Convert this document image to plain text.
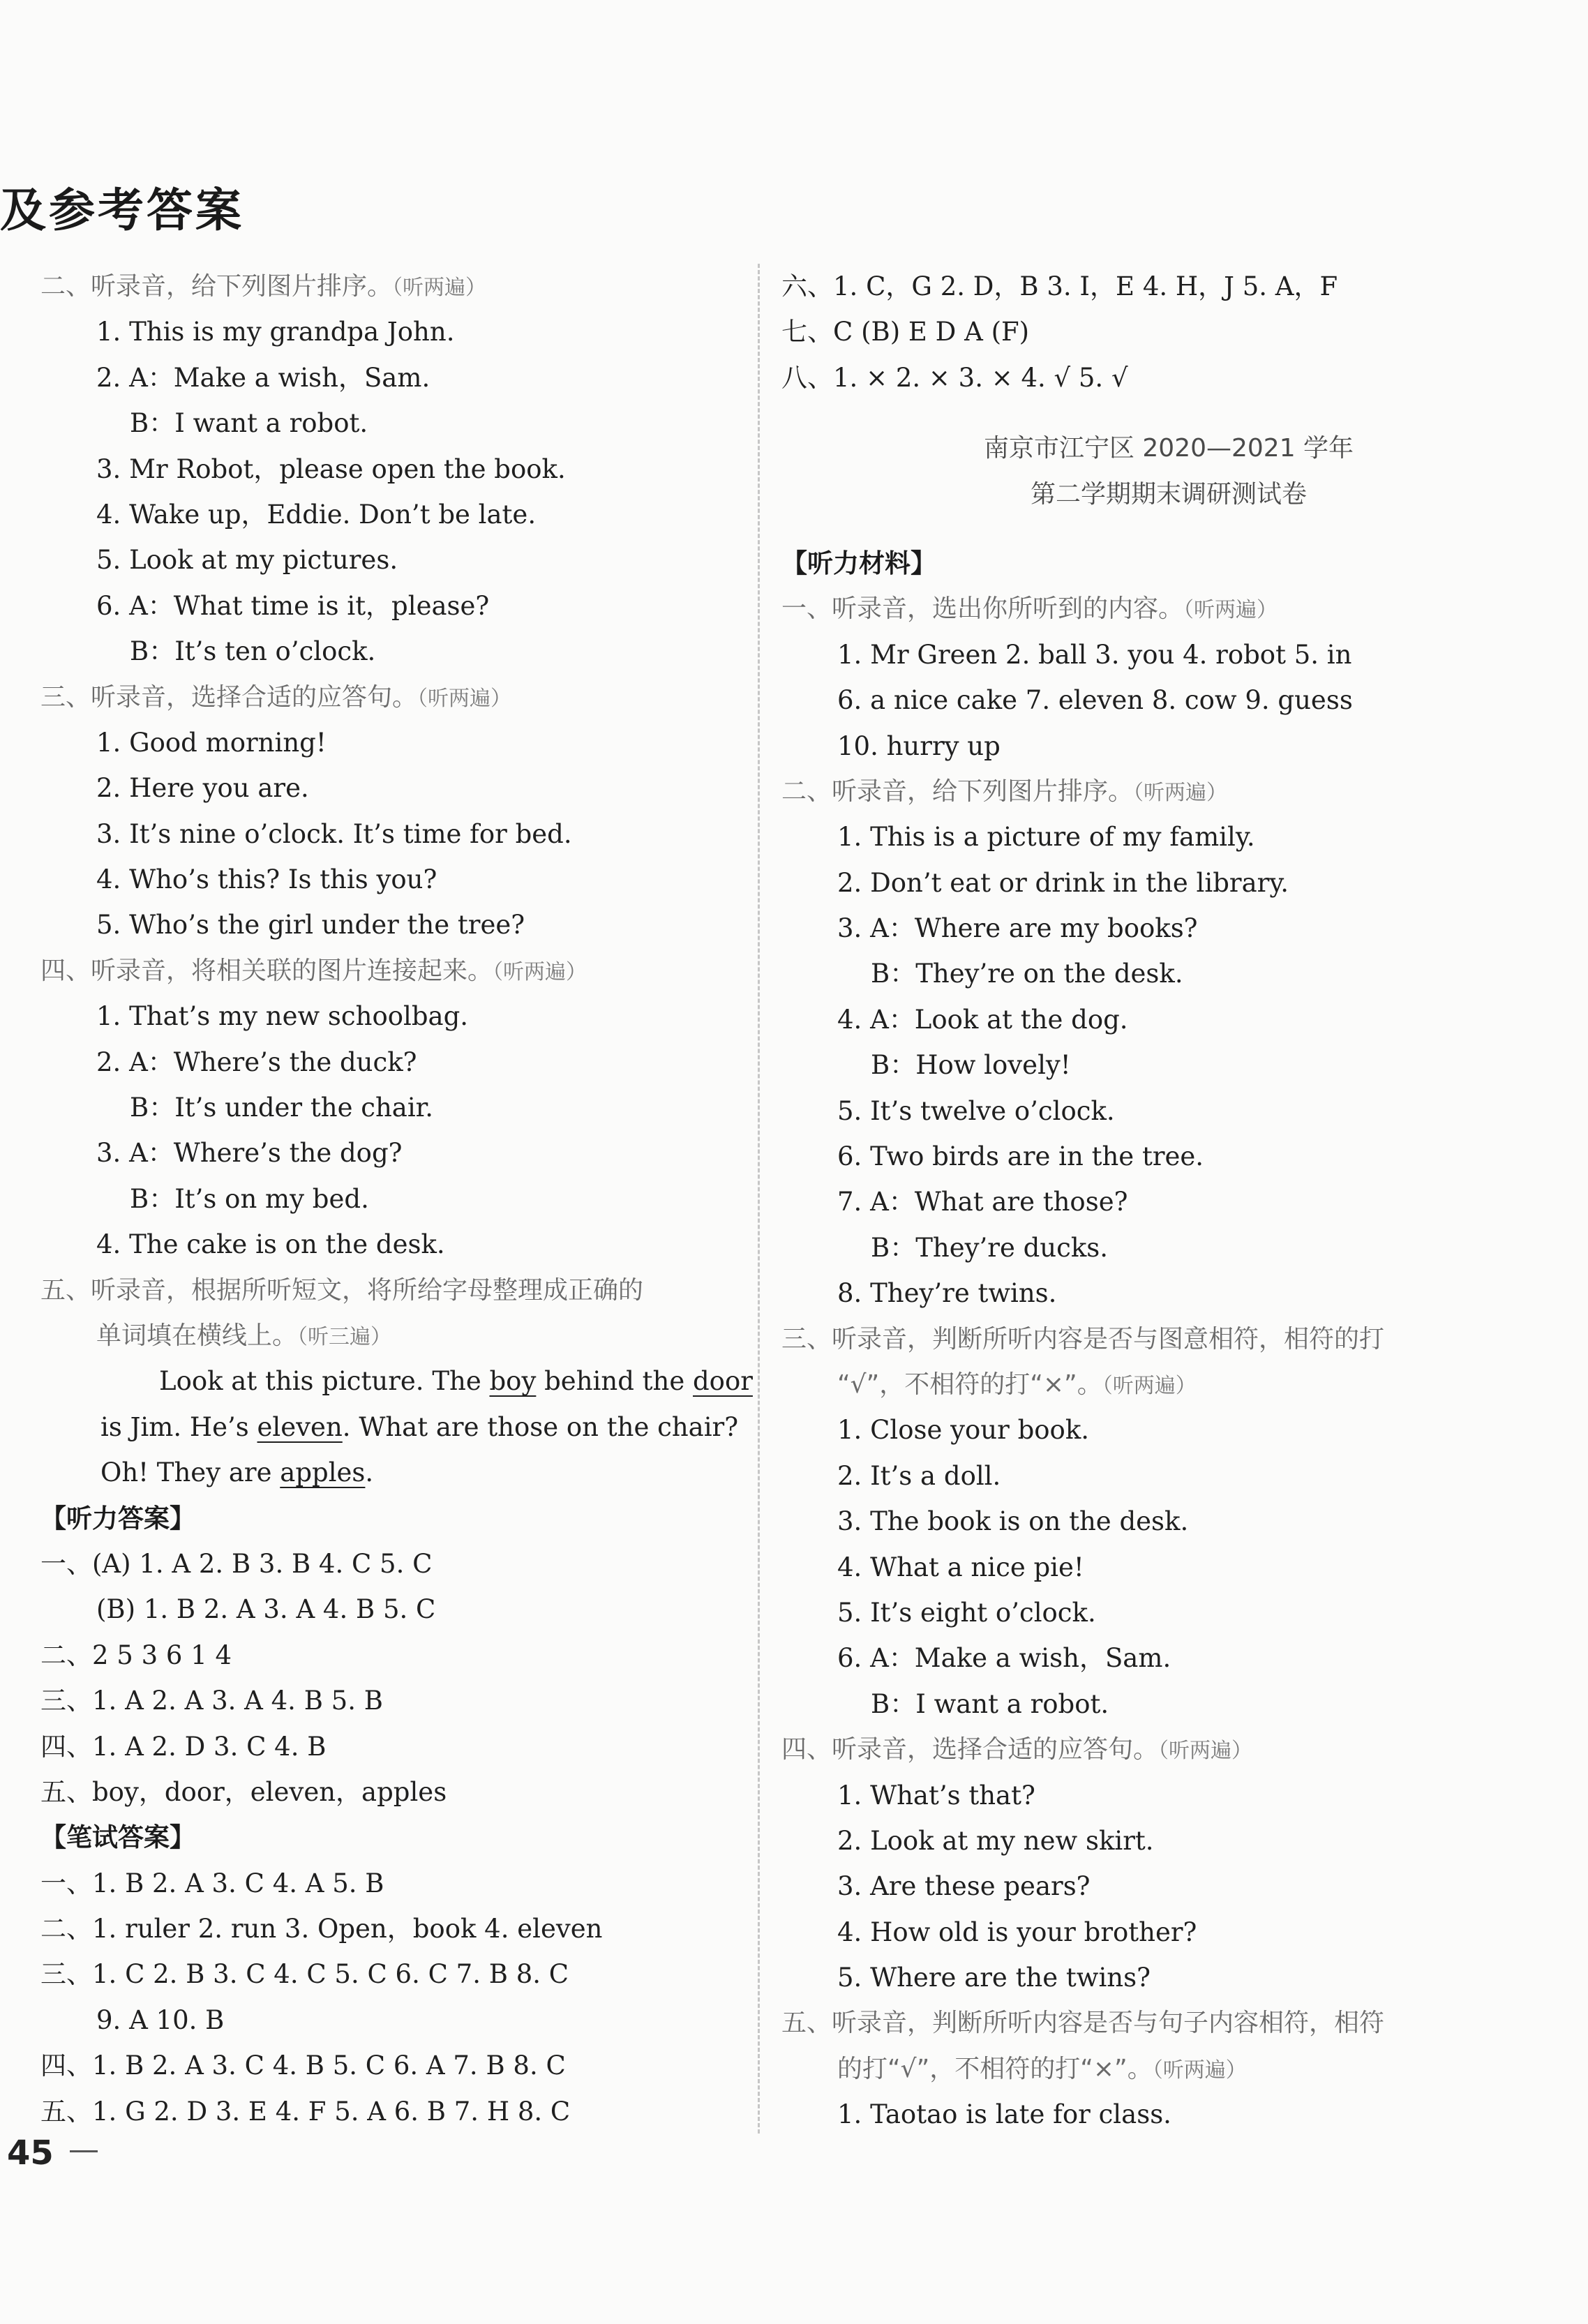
及参考答案
二、听录音，给下列图片排序。（听两遍）
1. This is my grandpa John.
2. A：Make a wish，Sam.
B：I want a robot.
3. Mr Robot，please open the book.
4. Wake up，Eddie. Don’t be late.
5. Look at my pictures.
6. A：What time is it，please?
B：It’s ten o’clock.
三、听录音，选择合适的应答句。（听两遍）
1. Good morning!
2. Here you are.
3. It’s nine o’clock. It’s time for bed.
4. Who’s this? Is this you?
5. Who’s the girl under the tree?
四、听录音，将相关联的图片连接起来。（听两遍）
1. That’s my new schoolbag.
2. A：Where’s the duck?
B：It’s under the chair.
3. A：Where’s the dog?
B：It’s on my bed.
4. The cake is on the desk.
五、听录音，根据所听短文，将所给字母整理成正确的
单词填在横线上。（听三遍）
Look at this picture. The boy behind the door
is Jim. He’s eleven. What are those on the chair?
Oh! They are apples.
【听力答案】
一、(A) 1. A 2. B 3. B 4. C 5. C
(B) 1. B 2. A 3. A 4. B 5. C
二、2 5 3 6 1 4
三、1. A 2. A 3. A 4. B 5. B
四、1. A 2. D 3. C 4. B
五、boy，door，eleven，apples
【笔试答案】
一、1. B 2. A 3. C 4. A 5. B
二、1. ruler 2. run 3. Open，book 4. eleven
三、1. C 2. B 3. C 4. C 5. C 6. C 7. B 8. C
9. A 10. B
四、1. B 2. A 3. C 4. B 5. C 6. A 7. B 8. C
五、1. G 2. D 3. E 4. F 5. A 6. B 7. H 8. C
六、1. C，G 2. D，B 3. I，E 4. H，J 5. A，F
七、C (B) E D A (F)
八、1. × 2. × 3. × 4. √ 5. √
南京市江宁区 2020—2021 学年
第二学期期末调研测试卷
【听力材料】
一、听录音，选出你所听到的内容。（听两遍）
1. Mr Green 2. ball 3. you 4. robot 5. in
6. a nice cake 7. eleven 8. cow 9. guess
10. hurry up
二、听录音，给下列图片排序。（听两遍）
1. This is a picture of my family.
2. Don’t eat or drink in the library.
3. A：Where are my books?
B：They’re on the desk.
4. A：Look at the dog.
B：How lovely!
5. It’s twelve o’clock.
6. Two birds are in the tree.
7. A：What are those?
B：They’re ducks.
8. They’re twins.
三、听录音，判断所听内容是否与图意相符，相符的打
“√”，不相符的打“×”。（听两遍）
1. Close your book.
2. It’s a doll.
3. The book is on the desk.
4. What a nice pie!
5. It’s eight o’clock.
6. A：Make a wish，Sam.
B：I want a robot.
四、听录音，选择合适的应答句。（听两遍）
1. What’s that?
2. Look at my new skirt.
3. Are these pears?
4. How old is your brother?
5. Where are the twins?
五、听录音，判断所听内容是否与句子内容相符，相符
的打“√”，不相符的打“×”。（听两遍）
1. Taotao is late for class.
45
